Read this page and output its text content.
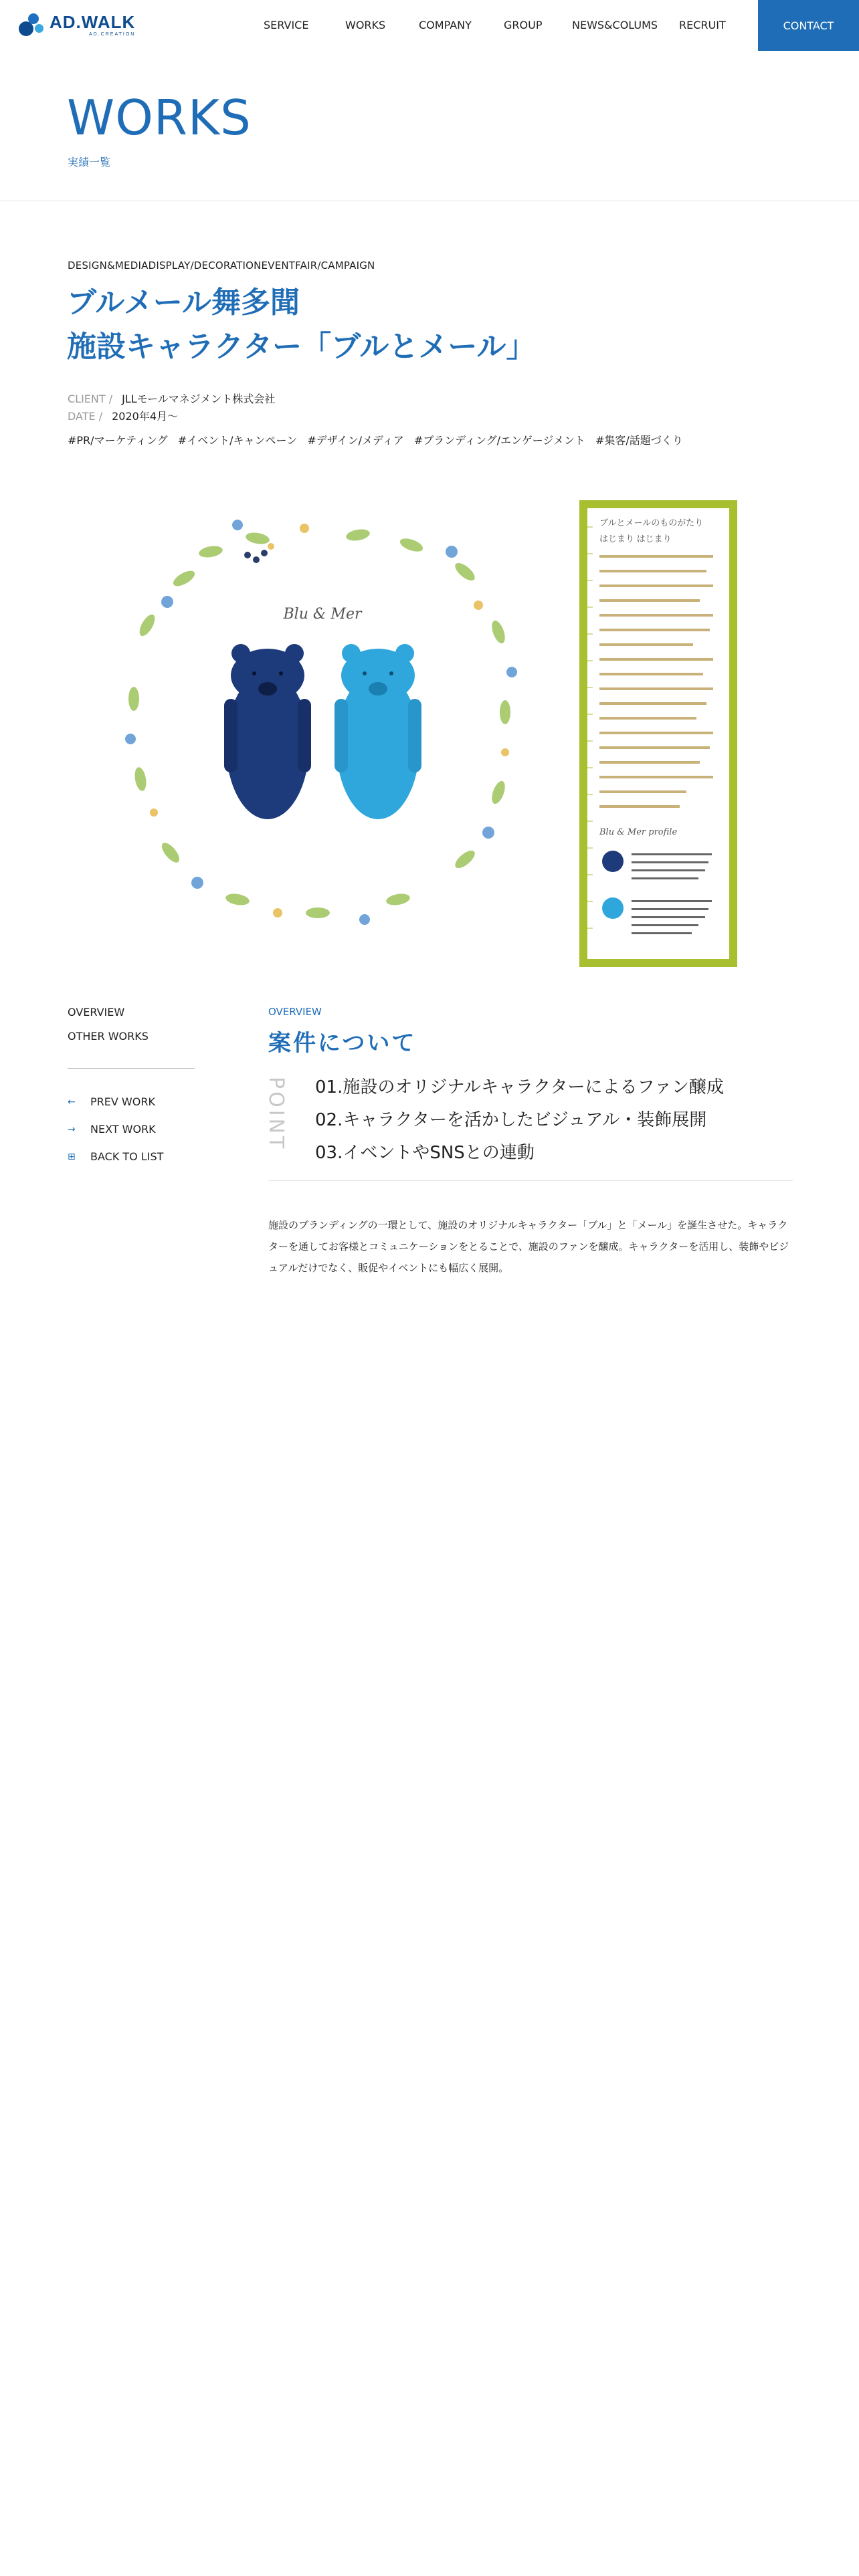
AD.WALK
AD.CREATION
SERVICE	WORKS	COMPANY	GROUP	NEWS&COLUMS RECRUIT	CONTACT
WORKS
実績一覧
DESIGN&MEDIADISPLAY/DECORATIONEVENTFAIR/CAMPAIGN
ブルメール舞多聞
施設キャラクター「ブルとメール」
CLIENT / JLLモールマネジメント株式会社
DATE / 2020年4月〜
#PR/マーケティング #イベント/キャンペーン #デザイン/メディア #ブランディング/エンゲージメント #集客/話題づくり
Blu & Mer
ブルとメールのものがたり
はじまり はじまり
Blu & Mer profile
OVERVIEW
OTHER WORKS
←	PREV WORK
→	NEXT WORK
⊞	BACK TO LIST
OVERVIEW
案件について
POINT 01.施設のオリジナルキャラクターによるファン醸成
02.キャラクターを活かしたビジュアル・装飾展開
03.イベントやSNSとの連動

施設のブランディングの一環として、施設のオリジナルキャラクター「ブル」と「メール」を誕生させた。キャラクターを通してお客様とコミュニケーションをとることで、施設のファンを醸成。キャラクターを活用し、装飾やビジュアルだけでなく、販促やイベントにも幅広く展開。
